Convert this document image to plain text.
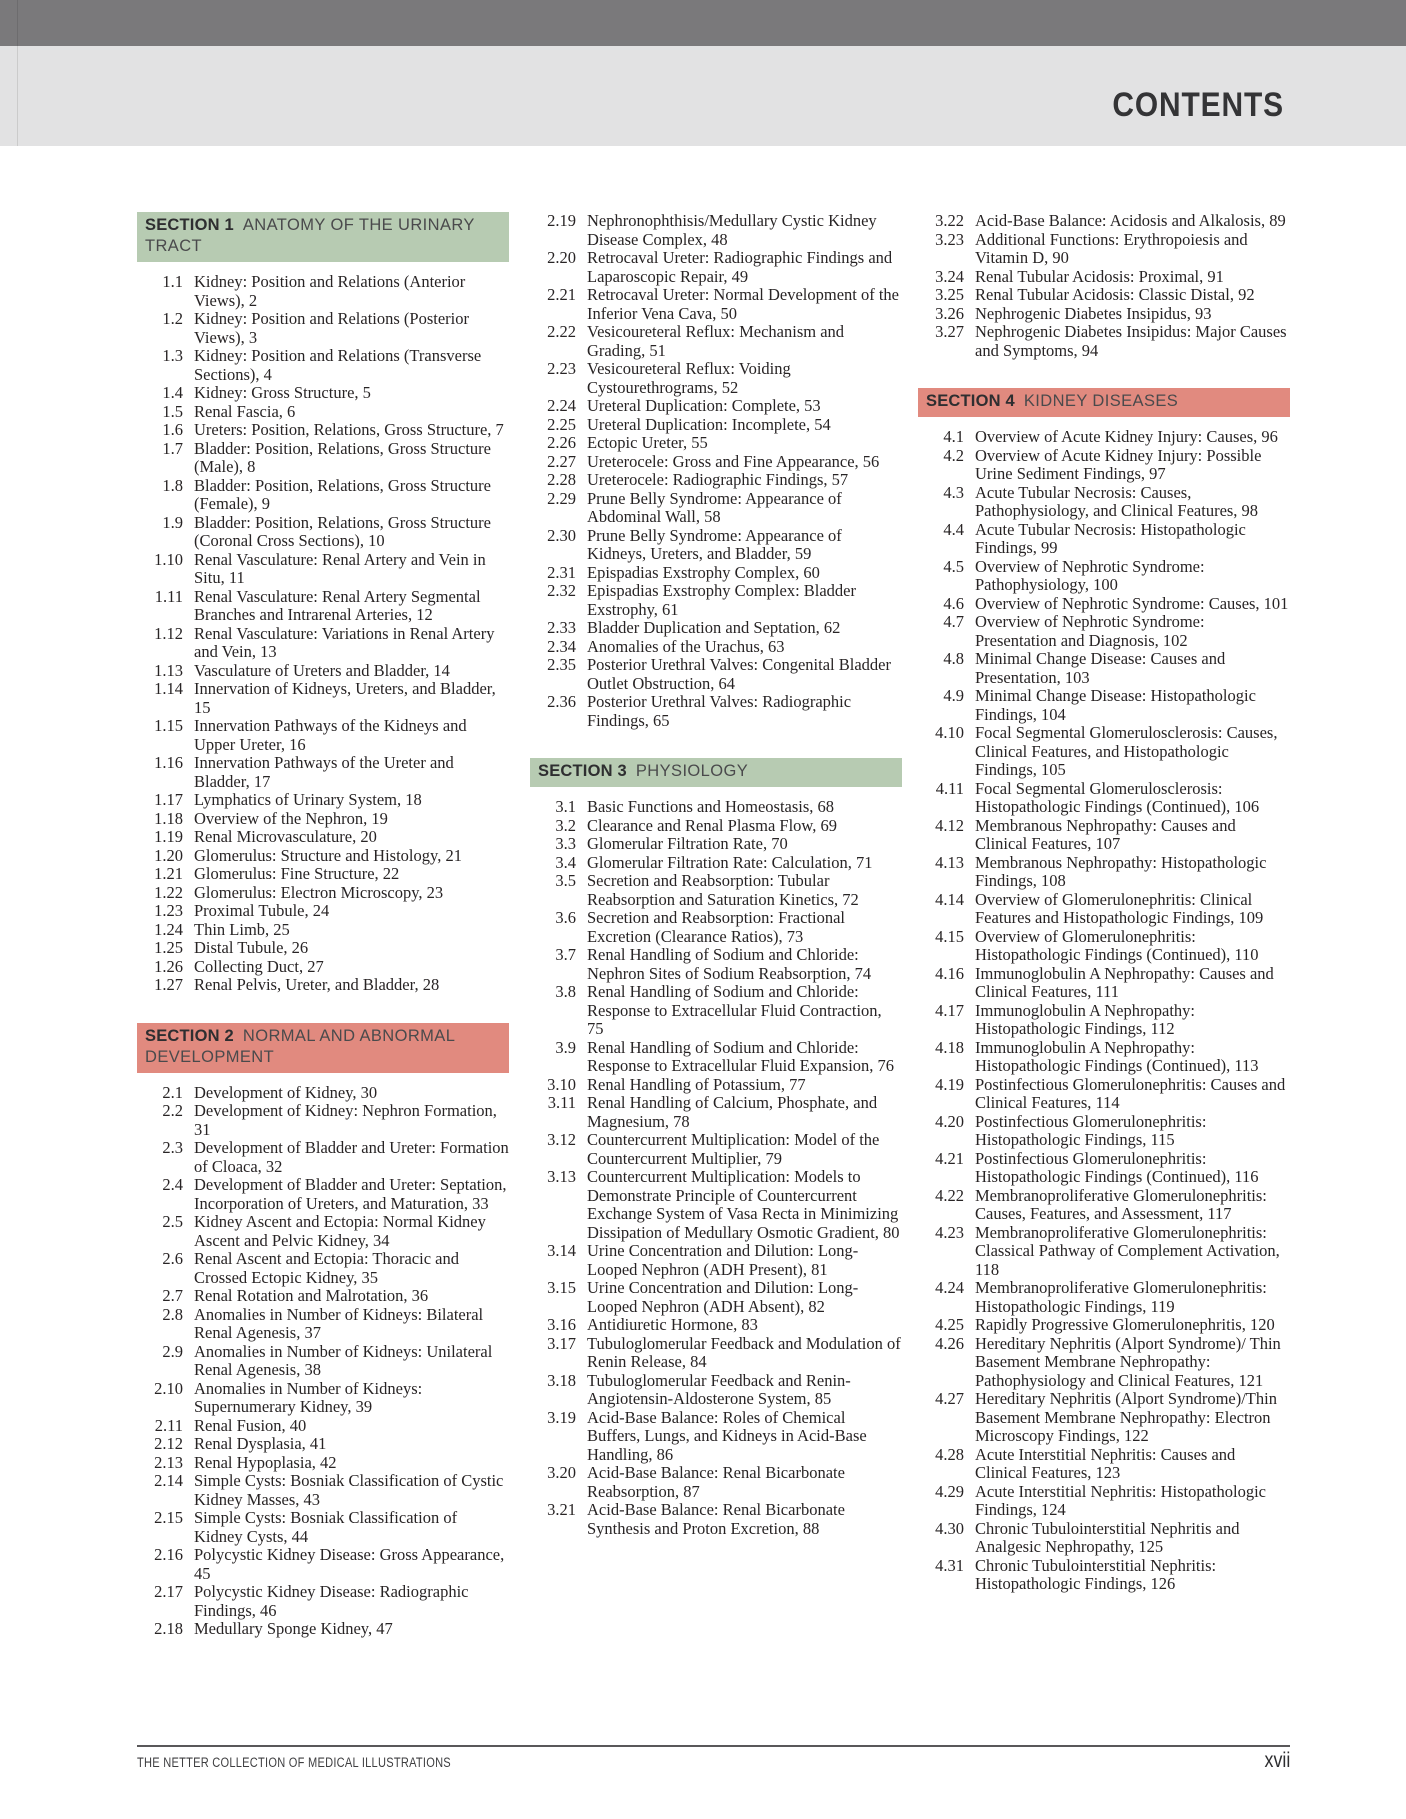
CONTENTS
SECTION 1 ANATOMY OF THE URINARY TRACT
1.1 Kidney: Position and Relations (Anterior Views), 2
1.2 Kidney: Position and Relations (Posterior Views), 3
1.3 Kidney: Position and Relations (Transverse Sections), 4
1.4 Kidney: Gross Structure, 5
1.5 Renal Fascia, 6
1.6 Ureters: Position, Relations, Gross Structure, 7
1.7 Bladder: Position, Relations, Gross Structure (Male), 8
1.8 Bladder: Position, Relations, Gross Structure (Female), 9
1.9 Bladder: Position, Relations, Gross Structure (Coronal Cross Sections), 10
1.10 Renal Vasculature: Renal Artery and Vein in Situ, 11
1.11 Renal Vasculature: Renal Artery Segmental Branches and Intrarenal Arteries, 12
1.12 Renal Vasculature: Variations in Renal Artery and Vein, 13
1.13 Vasculature of Ureters and Bladder, 14
1.14 Innervation of Kidneys, Ureters, and Bladder, 15
1.15 Innervation Pathways of the Kidneys and Upper Ureter, 16
1.16 Innervation Pathways of the Ureter and Bladder, 17
1.17 Lymphatics of Urinary System, 18
1.18 Overview of the Nephron, 19
1.19 Renal Microvasculature, 20
1.20 Glomerulus: Structure and Histology, 21
1.21 Glomerulus: Fine Structure, 22
1.22 Glomerulus: Electron Microscopy, 23
1.23 Proximal Tubule, 24
1.24 Thin Limb, 25
1.25 Distal Tubule, 26
1.26 Collecting Duct, 27
1.27 Renal Pelvis, Ureter, and Bladder, 28
SECTION 2 NORMAL AND ABNORMAL DEVELOPMENT
2.1 Development of Kidney, 30
2.2 Development of Kidney: Nephron Formation, 31
2.3 Development of Bladder and Ureter: Formation of Cloaca, 32
2.4 Development of Bladder and Ureter: Septation, Incorporation of Ureters, and Maturation, 33
2.5 Kidney Ascent and Ectopia: Normal Kidney Ascent and Pelvic Kidney, 34
2.6 Renal Ascent and Ectopia: Thoracic and Crossed Ectopic Kidney, 35
2.7 Renal Rotation and Malrotation, 36
2.8 Anomalies in Number of Kidneys: Bilateral Renal Agenesis, 37
2.9 Anomalies in Number of Kidneys: Unilateral Renal Agenesis, 38
2.10 Anomalies in Number of Kidneys: Supernumerary Kidney, 39
2.11 Renal Fusion, 40
2.12 Renal Dysplasia, 41
2.13 Renal Hypoplasia, 42
2.14 Simple Cysts: Bosniak Classification of Cystic Kidney Masses, 43
2.15 Simple Cysts: Bosniak Classification of Kidney Cysts, 44
2.16 Polycystic Kidney Disease: Gross Appearance, 45
2.17 Polycystic Kidney Disease: Radiographic Findings, 46
2.18 Medullary Sponge Kidney, 47
2.19 Nephronophthisis/Medullary Cystic Kidney Disease Complex, 48
2.20 Retrocaval Ureter: Radiographic Findings and Laparoscopic Repair, 49
2.21 Retrocaval Ureter: Normal Development of the Inferior Vena Cava, 50
2.22 Vesicoureteral Reflux: Mechanism and Grading, 51
2.23 Vesicoureteral Reflux: Voiding Cystourethrograms, 52
2.24 Ureteral Duplication: Complete, 53
2.25 Ureteral Duplication: Incomplete, 54
2.26 Ectopic Ureter, 55
2.27 Ureterocele: Gross and Fine Appearance, 56
2.28 Ureterocele: Radiographic Findings, 57
2.29 Prune Belly Syndrome: Appearance of Abdominal Wall, 58
2.30 Prune Belly Syndrome: Appearance of Kidneys, Ureters, and Bladder, 59
2.31 Epispadias Exstrophy Complex, 60
2.32 Epispadias Exstrophy Complex: Bladder Exstrophy, 61
2.33 Bladder Duplication and Septation, 62
2.34 Anomalies of the Urachus, 63
2.35 Posterior Urethral Valves: Congenital Bladder Outlet Obstruction, 64
2.36 Posterior Urethral Valves: Radiographic Findings, 65
SECTION 3 PHYSIOLOGY
3.1 Basic Functions and Homeostasis, 68
3.2 Clearance and Renal Plasma Flow, 69
3.3 Glomerular Filtration Rate, 70
3.4 Glomerular Filtration Rate: Calculation, 71
3.5 Secretion and Reabsorption: Tubular Reabsorption and Saturation Kinetics, 72
3.6 Secretion and Reabsorption: Fractional Excretion (Clearance Ratios), 73
3.7 Renal Handling of Sodium and Chloride: Nephron Sites of Sodium Reabsorption, 74
3.8 Renal Handling of Sodium and Chloride: Response to Extracellular Fluid Contraction, 75
3.9 Renal Handling of Sodium and Chloride: Response to Extracellular Fluid Expansion, 76
3.10 Renal Handling of Potassium, 77
3.11 Renal Handling of Calcium, Phosphate, and Magnesium, 78
3.12 Countercurrent Multiplication: Model of the Countercurrent Multiplier, 79
3.13 Countercurrent Multiplication: Models to Demonstrate Principle of Countercurrent Exchange System of Vasa Recta in Minimizing Dissipation of Medullary Osmotic Gradient, 80
3.14 Urine Concentration and Dilution: Long-Looped Nephron (ADH Present), 81
3.15 Urine Concentration and Dilution: Long-Looped Nephron (ADH Absent), 82
3.16 Antidiuretic Hormone, 83
3.17 Tubuloglomerular Feedback and Modulation of Renin Release, 84
3.18 Tubuloglomerular Feedback and Renin-Angiotensin-Aldosterone System, 85
3.19 Acid-Base Balance: Roles of Chemical Buffers, Lungs, and Kidneys in Acid-Base Handling, 86
3.20 Acid-Base Balance: Renal Bicarbonate Reabsorption, 87
3.21 Acid-Base Balance: Renal Bicarbonate Synthesis and Proton Excretion, 88
3.22 Acid-Base Balance: Acidosis and Alkalosis, 89
3.23 Additional Functions: Erythropoiesis and Vitamin D, 90
3.24 Renal Tubular Acidosis: Proximal, 91
3.25 Renal Tubular Acidosis: Classic Distal, 92
3.26 Nephrogenic Diabetes Insipidus, 93
3.27 Nephrogenic Diabetes Insipidus: Major Causes and Symptoms, 94
SECTION 4 KIDNEY DISEASES
4.1 Overview of Acute Kidney Injury: Causes, 96
4.2 Overview of Acute Kidney Injury: Possible Urine Sediment Findings, 97
4.3 Acute Tubular Necrosis: Causes, Pathophysiology, and Clinical Features, 98
4.4 Acute Tubular Necrosis: Histopathologic Findings, 99
4.5 Overview of Nephrotic Syndrome: Pathophysiology, 100
4.6 Overview of Nephrotic Syndrome: Causes, 101
4.7 Overview of Nephrotic Syndrome: Presentation and Diagnosis, 102
4.8 Minimal Change Disease: Causes and Presentation, 103
4.9 Minimal Change Disease: Histopathologic Findings, 104
4.10 Focal Segmental Glomerulosclerosis: Causes, Clinical Features, and Histopathologic Findings, 105
4.11 Focal Segmental Glomerulosclerosis: Histopathologic Findings (Continued), 106
4.12 Membranous Nephropathy: Causes and Clinical Features, 107
4.13 Membranous Nephropathy: Histopathologic Findings, 108
4.14 Overview of Glomerulonephritis: Clinical Features and Histopathologic Findings, 109
4.15 Overview of Glomerulonephritis: Histopathologic Findings (Continued), 110
4.16 Immunoglobulin A Nephropathy: Causes and Clinical Features, 111
4.17 Immunoglobulin A Nephropathy: Histopathologic Findings, 112
4.18 Immunoglobulin A Nephropathy: Histopathologic Findings (Continued), 113
4.19 Postinfectious Glomerulonephritis: Causes and Clinical Features, 114
4.20 Postinfectious Glomerulonephritis: Histopathologic Findings, 115
4.21 Postinfectious Glomerulonephritis: Histopathologic Findings (Continued), 116
4.22 Membranoproliferative Glomerulonephritis: Causes, Features, and Assessment, 117
4.23 Membranoproliferative Glomerulonephritis: Classical Pathway of Complement Activation, 118
4.24 Membranoproliferative Glomerulonephritis: Histopathologic Findings, 119
4.25 Rapidly Progressive Glomerulonephritis, 120
4.26 Hereditary Nephritis (Alport Syndrome)/ Thin Basement Membrane Nephropathy: Pathophysiology and Clinical Features, 121
4.27 Hereditary Nephritis (Alport Syndrome)/Thin Basement Membrane Nephropathy: Electron Microscopy Findings, 122
4.28 Acute Interstitial Nephritis: Causes and Clinical Features, 123
4.29 Acute Interstitial Nephritis: Histopathologic Findings, 124
4.30 Chronic Tubulointerstitial Nephritis and Analgesic Nephropathy, 125
4.31 Chronic Tubulointerstitial Nephritis: Histopathologic Findings, 126
THE NETTER COLLECTION OF MEDICAL ILLUSTRATIONS	xvii
